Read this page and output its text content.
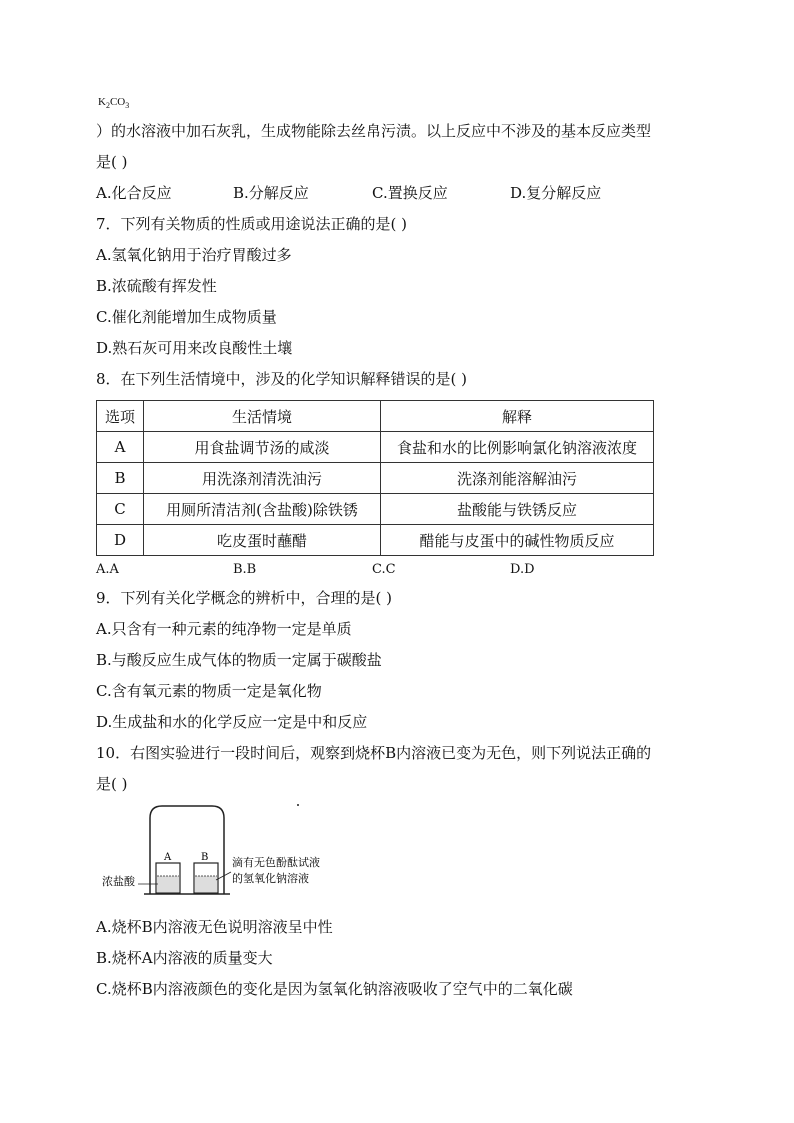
$K_2CO_3$
）的水溶液中加石灰乳，生成物能除去丝帛污渍。以上反应中不涉及的基本反应类型
是( )
A.化合反应	B.分解反应	C.置换反应	D.复分解反应
7．下列有关物质的性质或用途说法正确的是( )
A.氢氧化钠用于治疗胃酸过多
B.浓硫酸有挥发性
C.催化剂能增加生成物质量
D.熟石灰可用来改良酸性土壤
8．在下列生活情境中，涉及的化学知识解释错误的是( )
选项	生活情境	解释
A	用食盐调节汤的咸淡	食盐和水的比例影响氯化钠溶液浓度
B	用洗涤剂清洗油污	洗涤剂能溶解油污
C	用厕所清洁剂(含盐酸)除铁锈	盐酸能与铁锈反应
D	吃皮蛋时蘸醋	醋能与皮蛋中的碱性物质反应
A.A	B.B	C.C	D.D
9．下列有关化学概念的辨析中，合理的是( )
A.只含有一种元素的纯净物一定是单质
B.与酸反应生成气体的物质一定属于碳酸盐
C.含有氧元素的物质一定是氧化物
D.生成盐和水的化学反应一定是中和反应
10．右图实验进行一段时间后，观察到烧杯B内溶液已变为无色，则下列说法正确的
是( )
A	B
浓盐酸
滴有无色酚酞试液
的氢氧化钠溶液
A.烧杯B内溶液无色说明溶液呈中性
B.烧杯A内溶液的质量变大
C.烧杯B内溶液颜色的变化是因为氢氧化钠溶液吸收了空气中的二氧化碳
